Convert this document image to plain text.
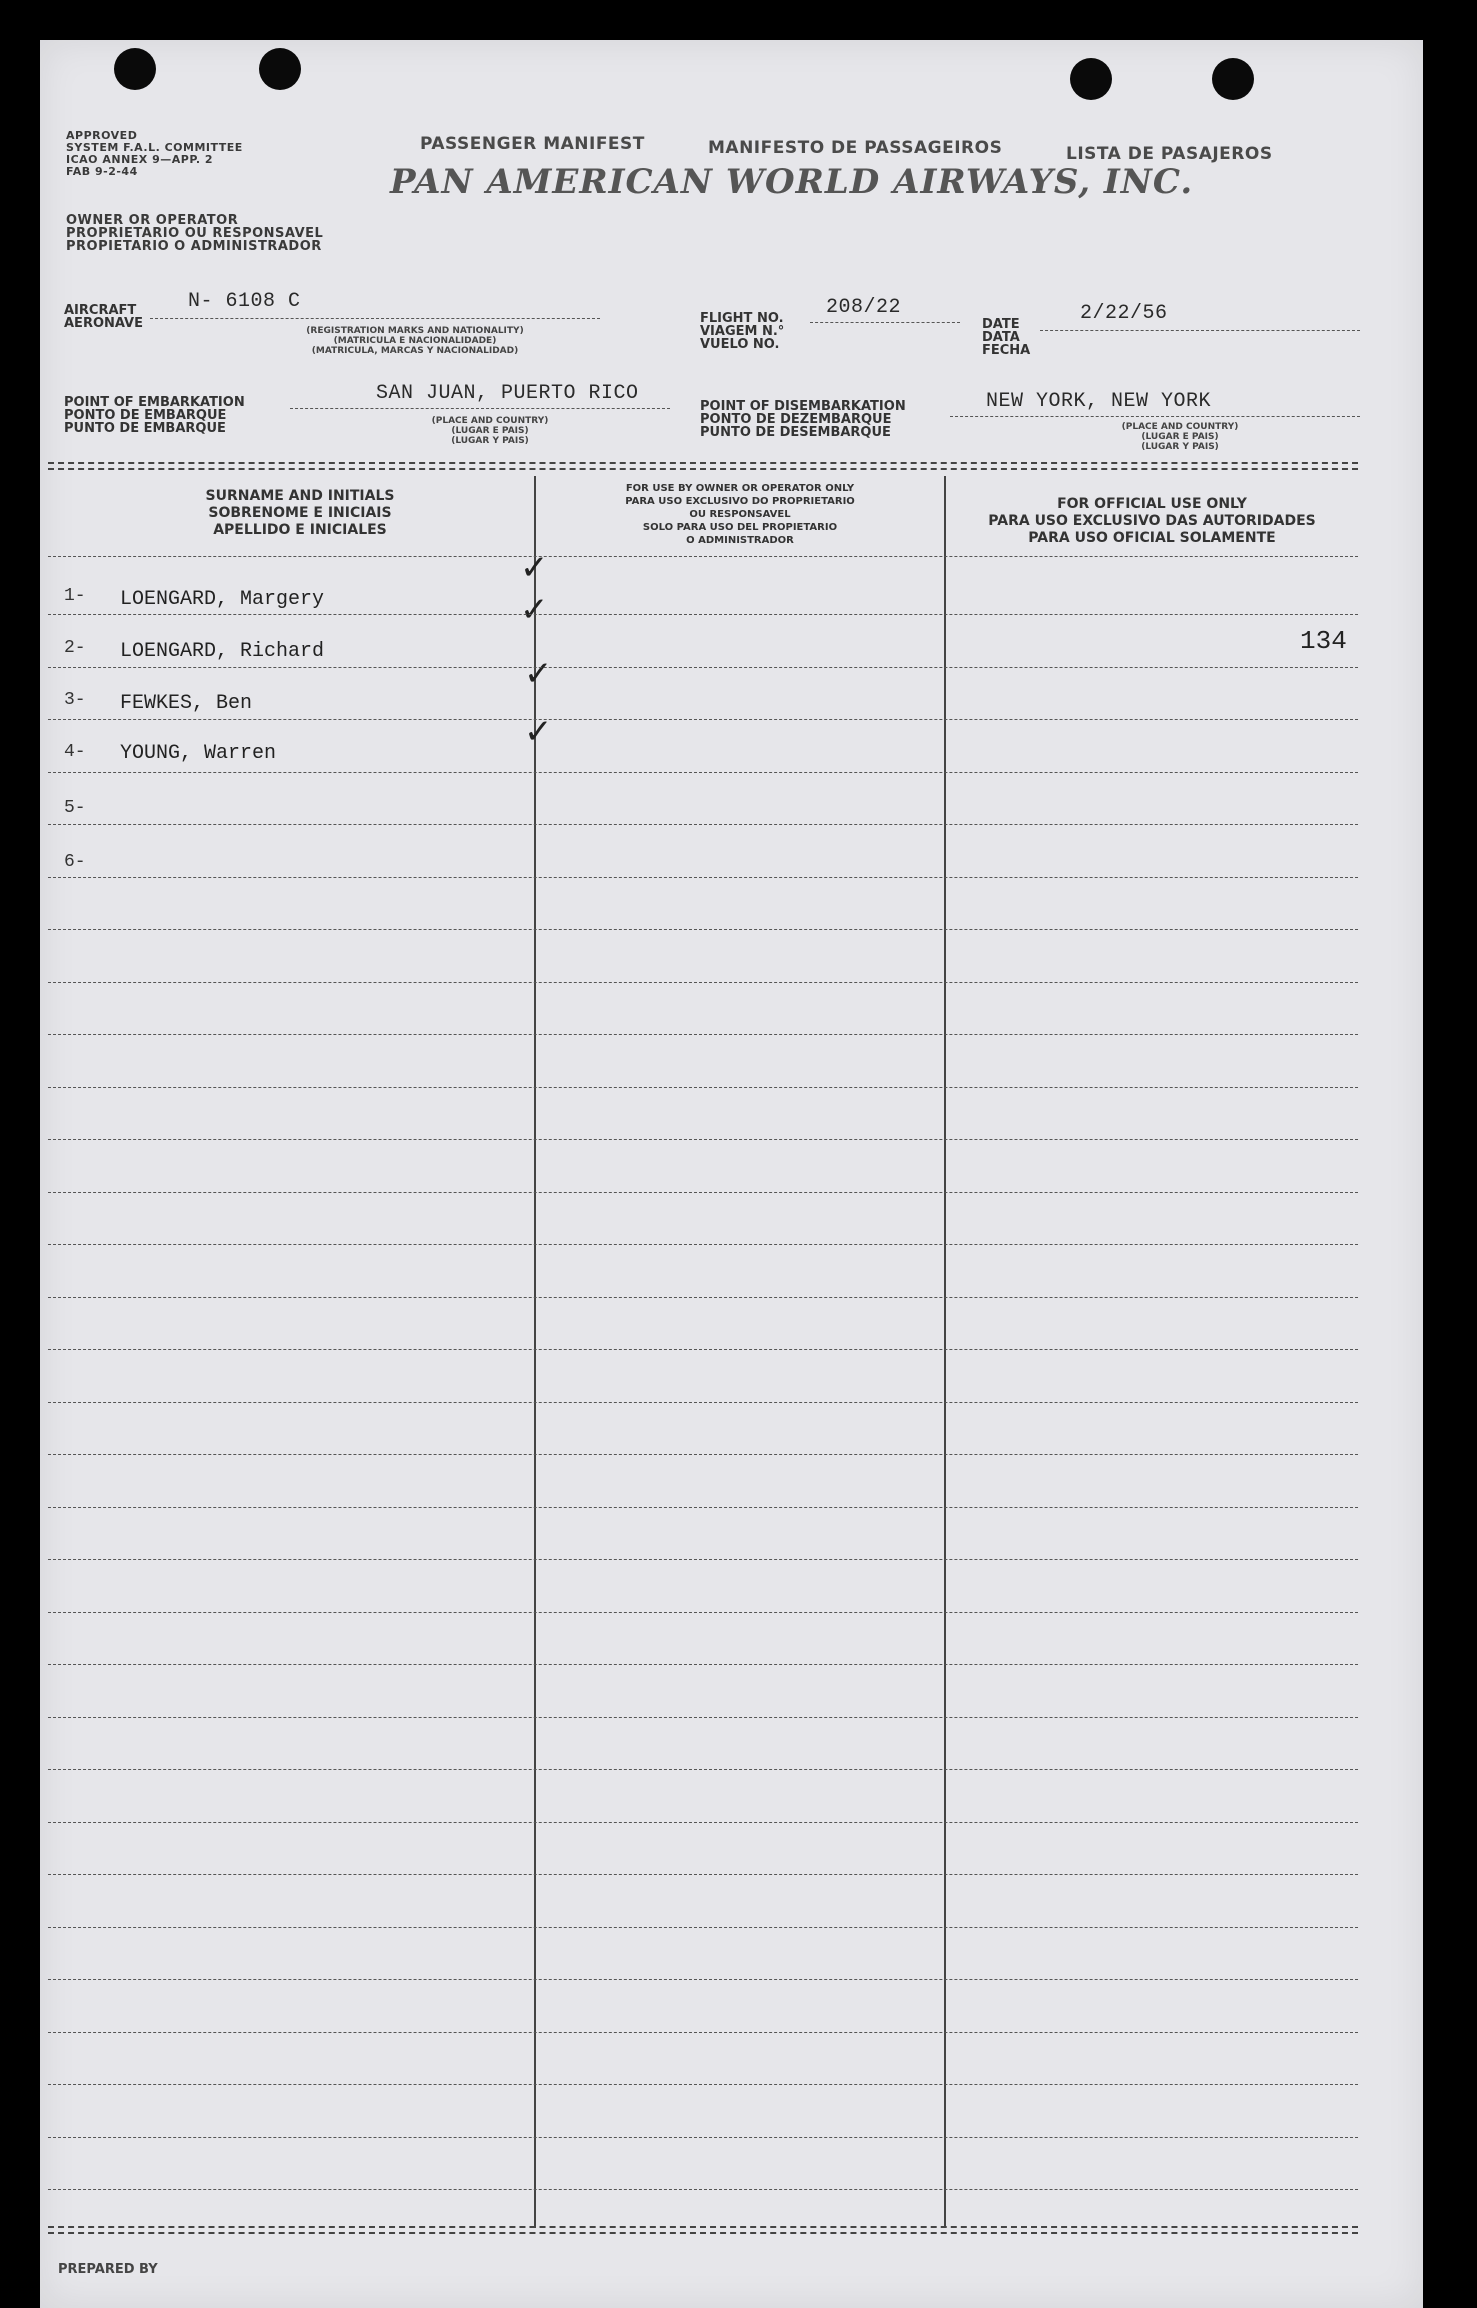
APPROVED
SYSTEM F.A.L. COMMITTEE
ICAO ANNEX 9—APP. 2
FAB 9-2-44
OWNER OR OPERATOR
PROPRIETARIO OU RESPONSAVEL
PROPIETARIO O ADMINISTRADOR
PASSENGER MANIFEST	MANIFESTO DE PASSAGEIROS	LISTA DE PASAJEROS
PAN AMERICAN WORLD AIRWAYS, INC.
AIRCRAFT
AERONAVE
N- 6108 C
(REGISTRATION MARKS AND NATIONALITY)
(MATRICULA E NACIONALIDADE)
(MATRICULA, MARCAS Y NACIONALIDAD)
FLIGHT NO.
VIAGEM N.°
VUELO NO.
208/22
DATE
DATA
FECHA
2/22/56
POINT OF EMBARKATION
PONTO DE EMBARQUE
PUNTO DE EMBARQUE
SAN JUAN, PUERTO RICO
(PLACE AND COUNTRY)
(LUGAR E PAIS)
(LUGAR Y PAIS)
POINT OF DISEMBARKATION
PONTO DE DEZEMBARQUE
PUNTO DE DESEMBARQUE
NEW YORK, NEW YORK
(PLACE AND COUNTRY)
(LUGAR E PAIS)
(LUGAR Y PAIS)
SURNAME AND INITIALS
SOBRENOME E INICIAIS
APELLIDO E INICIALES
FOR USE BY OWNER OR OPERATOR ONLY
PARA USO EXCLUSIVO DO PROPRIETARIO
OU RESPONSAVEL
SOLO PARA USO DEL PROPIETARIO
O ADMINISTRADOR
FOR OFFICIAL USE ONLY
PARA USO EXCLUSIVO DAS AUTORIDADES
PARA USO OFICIAL SOLAMENTE
1- LOENGARD, Margery
2- LOENGARD, Richard
3- FEWKES, Ben
4- YOUNG, Warren
5-
6-
✓
✓
✓
✓
134
PREPARED BY
